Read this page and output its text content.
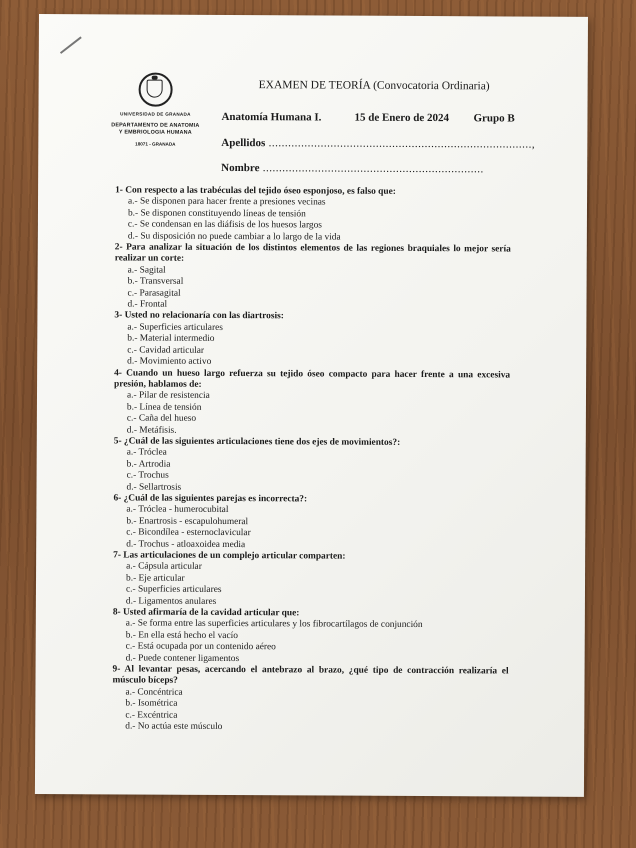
UNIVERSIDAD DE GRANADA
DEPARTAMENTO DE ANATOMIA
Y EMBRIOLOGIA HUMANA
18071 - GRANADA
EXAMEN DE TEORÍA (Convocatoria Ordinaria)
Anatomía Humana I.	15 de Enero de 2024 Grupo B
Apellidos .................................................................................,
Nombre ....................................................................
1- Con respecto a las trabéculas del tejido óseo esponjoso, es falso que:
a.- Se disponen para hacer frente a presiones vecinas
b.- Se disponen constituyendo líneas de tensión
c.- Se condensan en las diáfisis de los huesos largos
d.- Su disposición no puede cambiar a lo largo de la vida
2- Para analizar la situación de los distintos elementos de las regiones braquiales lo mejor sería realizar un corte:
a.- Sagital
b.- Transversal
c.- Parasagital
d.- Frontal
3- Usted no relacionaría con las diartrosis:
a.- Superficies articulares
b.- Material intermedio
c.- Cavidad articular
d.- Movimiento activo
4- Cuando un hueso largo refuerza su tejido óseo compacto para hacer frente a una excesiva presión, hablamos de:
a.- Pilar de resistencia
b.- Línea de tensión
c.- Caña del hueso
d.- Metáfisis.
5- ¿Cuál de las siguientes articulaciones tiene dos ejes de movimientos?:
a.- Tróclea
b.- Artrodia
c.- Trochus
d.- Sellartrosis
6- ¿Cuál de las siguientes parejas es incorrecta?:
a.- Tróclea - humerocubital
b.- Enartrosis - escapulohumeral
c.- Bicondílea - esternoclavicular
d.- Trochus - atloaxoidea media
7- Las articulaciones de un complejo articular comparten:
a.- Cápsula articular
b.- Eje articular
c.- Superficies articulares
d.- Ligamentos anulares
8- Usted afirmaría de la cavidad articular que:
a.- Se forma entre las superficies articulares y los fibrocartílagos de conjunción
b.- En ella está hecho el vacío
c.- Está ocupada por un contenido aéreo
d.- Puede contener ligamentos
9- Al levantar pesas, acercando el antebrazo al brazo, ¿qué tipo de contracción realizaría el músculo bíceps?
a.- Concéntrica
b.- Isométrica
c.- Excéntrica
d.- No actúa este músculo
